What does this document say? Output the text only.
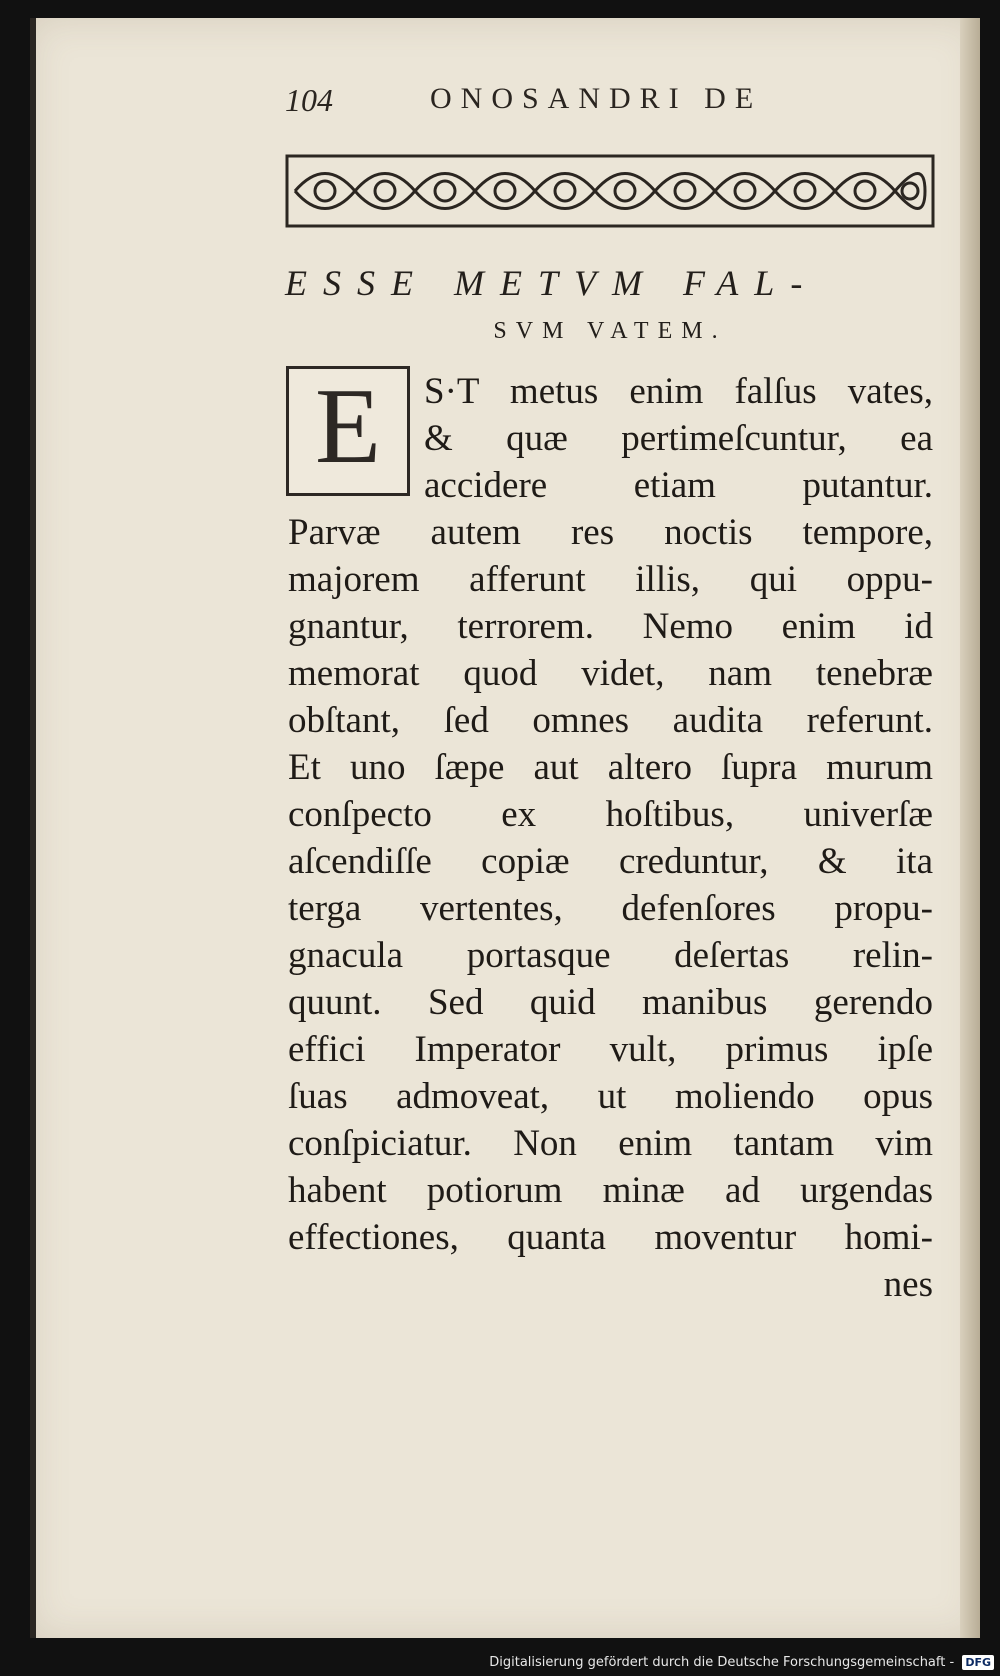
104	ONOSANDRI DE
ESSE METVM FAL-
SVM VATEM.
S·T metus enim falſus vates,
& quæ pertimeſcuntur, ea
accidere etiam putantur.
Parvæ autem res noctis tempore,
majorem afferunt illis, qui oppu-
gnantur, terrorem. Nemo enim id
memorat quod videt, nam tenebræ
obſtant, ſed omnes audita referunt.
Et uno ſæpe aut altero ſupra murum
conſpecto ex hoſtibus, univerſæ
aſcendiſſe copiæ creduntur, & ita
terga vertentes, defenſores propu-
gnacula portasque deſertas relin-
quunt. Sed quid manibus gerendo
effici Imperator vult, primus ipſe
ſuas admoveat, ut moliendo opus
conſpiciatur. Non enim tantam vim
habent potiorum minæ ad urgendas
effectiones, quanta moventur homi-
nes
E
Digitalisierung gefördert durch die Deutsche Forschungsgemeinschaft - DFG
